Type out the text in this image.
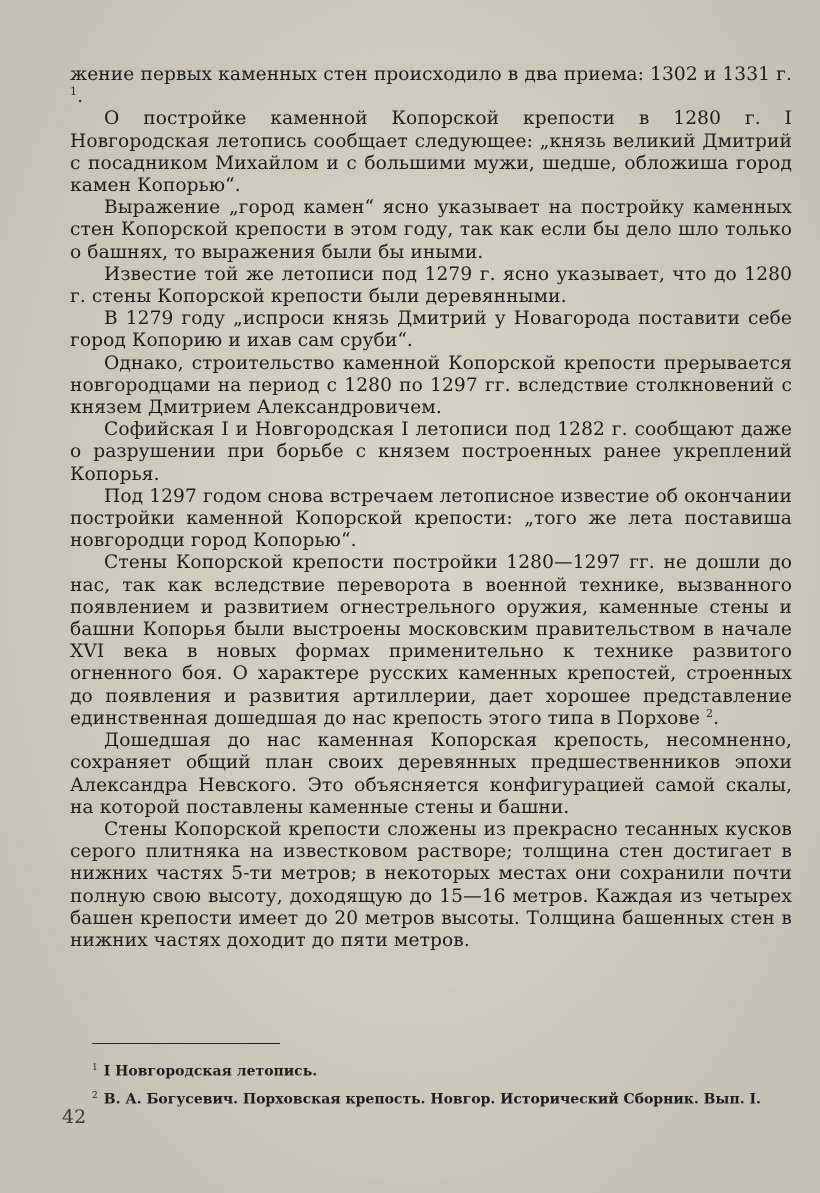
жение первых каменных стен происходило в два приема: 1302 и 1331 г. $^1$.

О постройке каменной Копорской крепости в 1280 г. I Новгородская летопись сообщает следующее: „князь великий Дмитрий с посадником Михайлом и с большими мужи, шедше, обложиша город камен Копорью“.

Выражение „город камен“ ясно указывает на постройку каменных стен Копорской крепости в этом году, так как если бы дело шло только о башнях, то выражения были бы иными.

Известие той же летописи под 1279 г. ясно указывает, что до 1280 г. стены Копорской крепости были деревянными.

В 1279 году „испроси князь Дмитрий у Новагорода поставити себе город Копорию и ихав сам сруби“.

Однако, строительство каменной Копорской крепости прерывается новгородцами на период с 1280 по 1297 гг. вследствие столкновений с князем Дмитрием Александровичем.

Софийская I и Новгородская I летописи под 1282 г. сообщают даже о разрушении при борьбе с князем построенных ранее укреплений Копорья.

Под 1297 годом снова встречаем летописное известие об окончании постройки каменной Копорской крепости: „того же лета поставиша новгородци город Копорью“.

Стены Копорской крепости постройки 1280—1297 гг. не дошли до нас, так как вследствие переворота в военной технике, вызванного появлением и развитием огнестрельного оружия, каменные стены и башни Копорья были выстроены московским правительством в начале XVI века в новых формах применительно к технике развитого огненного боя. О характере русских каменных крепостей, строенных до появления и развития артиллерии, дает хорошее представление единственная дошедшая до нас крепость этого типа в Порхове $^2$.

Дошедшая до нас каменная Копорская крепость, несомненно, сохраняет общий план своих деревянных предшественников эпохи Александра Невского. Это объясняется конфигурацией самой скалы, на которой поставлены каменные стены и башни.

Стены Копорской крепости сложены из прекрасно тесанных кусков серого плитняка на известковом растворе; толщина стен достигает в нижних частях 5-ти метров; в некоторых местах они сохранили почти полную свою высоту, доходящую до 15—16 метров. Каждая из четырех башен крепости имеет до 20 метров высоты. Толщина башенных стен в нижних частях доходит до пяти метров.

$^1$ I Новгородская летопись.

$^2$ В. А. Богусевич. Порховская крепость. Новгор. Исторический Сборник. Вып. I.

42
